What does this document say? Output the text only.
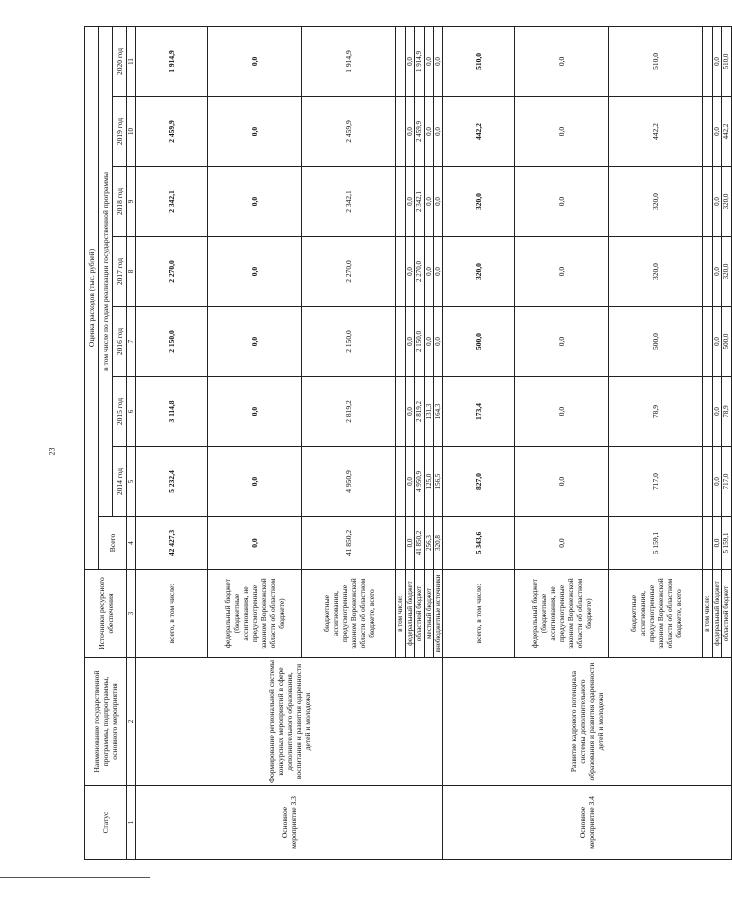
23
Статус	Наименование государственной программы, подпрограммы, основного мероприятия	Источники ресурсного обеспечения	Оценка расходов (тыс. рублей)							
			Всего	в том числе по годам реализации государственной программы						
				2014 год	2015 год	2016 год	2017 год	2018 год	2019 год	2020 год
1	2	3	4	5	6	7	8	9	10	11
Основное мероприятие 3.3	Формирование региональной системы конкурсных мероприятий в сфере дополнительного образования, воспитания и развития одаренности детей и молодежи	всего, в том числе:	42 427,3	5 232,4	3 114,8	2 150,0	2 270,0	2 342,1	2 459,9	1 914,9
		федеральный бюджет (бюджетные ассигнования, не предусмотренные законом Воронежской области об областном бюджете)	0,0	0,0	0,0	0,0	0,0	0,0	0,0	0,0
		бюджетные ассигнования, предусмотренные законом Воронежской области об областном бюджете, всего	41 850,2	4 950,9	2 819,2	2 150,0	2 270,0	2 342,1	2 459,9	1 914,9
		в том числе:								
		федеральный бюджет	0,0	0,0	0,0	0,0	0,0	0,0	0,0	0,0
		областной бюджет	41 850,2	4 950,9	2 819,2	2 150,0	2 270,0	2 342,1	2 459,9	1 914,9
		местный бюджет	256,3	125,0	131,3	0,0	0,0	0,0	0,0	0,0
		внебюджетные источники	320,8	156,5	164,3	0,0	0,0	0,0	0,0	0,0
Основное мероприятие 3.4	Развитие кадрового потенциала системы дополнительного образования и развития одаренности детей и молодежи	всего, в том числе:	5 343,6	827,0	173,4	500,0	320,0	320,0	442,2	510,0
		федеральный бюджет (бюджетные ассигнования, не предусмотренные законом Воронежской области об областном бюджете)	0,0	0,0	0,0	0,0	0,0	0,0	0,0	0,0
		бюджетные ассигнования, предусмотренные законом Воронежской области об областном бюджете, всего	5 159,1	717,0	78,9	500,0	320,0	320,0	442,2	510,0
		в том числе:								
		федеральный бюджет	0,0	0,0	0,0	0,0	0,0	0,0	0,0	0,0
		областной бюджет	5 159,1	717,0	78,9	500,0	320,0	320,0	442,2	510,0
